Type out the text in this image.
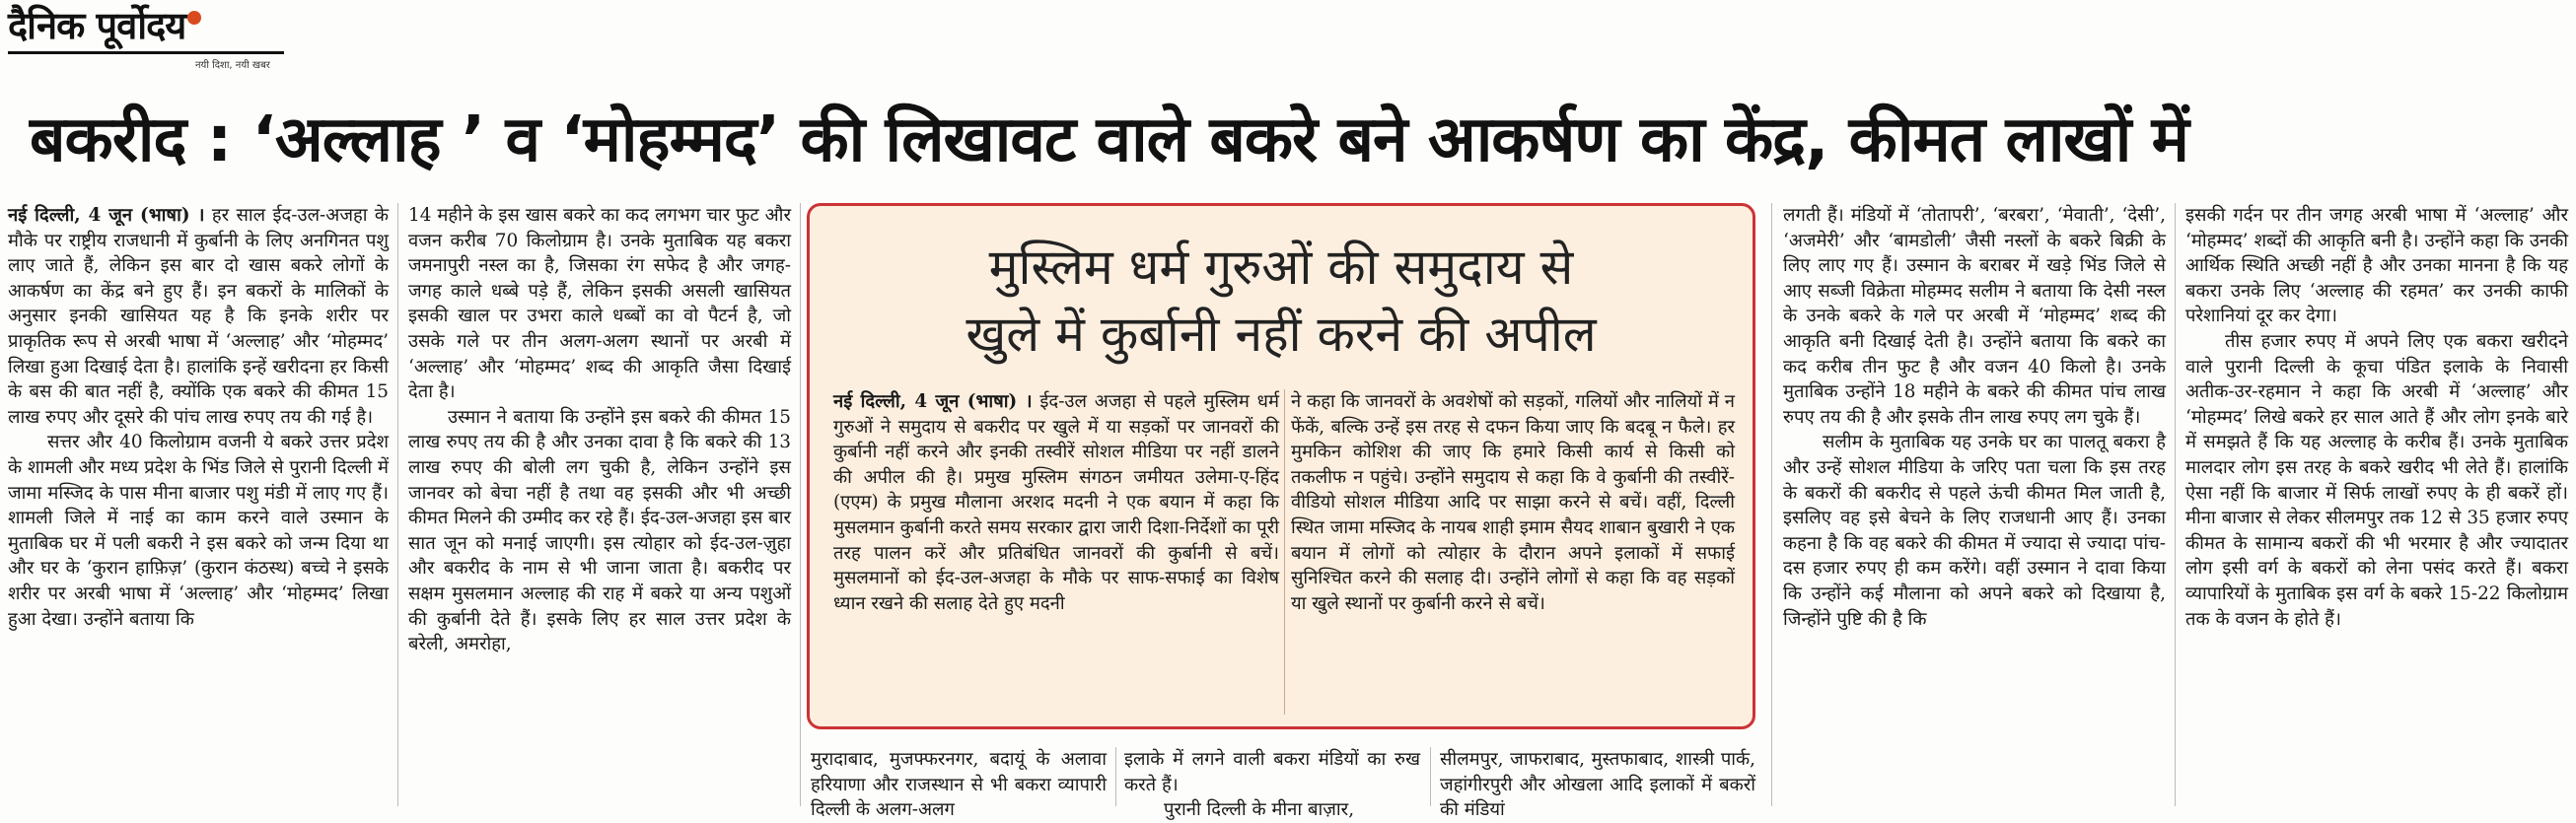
दैनिक पूर्वोदय
नयी दिशा, नयी खबर
बकरीद : ‘अल्लाह ’ व ‘मोहम्मद’ की लिखावट वाले बकरे बने आकर्षण का केंद्र, कीमत लाखों में

नई दिल्ली, 4 जून (भाषा) । हर साल ईद-उल-अजहा के मौके पर राष्ट्रीय राजधानी में कुर्बानी के लिए अनगिनत पशु लाए जाते हैं, लेकिन इस बार दो खास बकरे लोगों के आकर्षण का केंद्र बने हुए हैं। इन बकरों के मालिकों के अनुसार इनकी खासियत यह है कि इनके शरीर पर प्राकृतिक रूप से अरबी भाषा में ‘अल्लाह’ और ‘मोहम्मद’ लिखा हुआ दिखाई देता है। हालांकि इन्हें खरीदना हर किसी के बस की बात नहीं है, क्योंकि एक बकरे की कीमत 15 लाख रुपए और दूसरे की पांच लाख रुपए तय की गई है।

सत्तर और 40 किलोग्राम वजनी ये बकरे उत्तर प्रदेश के शामली और मध्य प्रदेश के भिंड जिले से पुरानी दिल्ली में जामा मस्जिद के पास मीना बाजार पशु मंडी में लाए गए हैं। शामली जिले में नाई का काम करने वाले उस्मान के मुताबिक घर में पली बकरी ने इस बकरे को जन्म दिया था और घर के ‘कुरान हाफ़िज़’ (कुरान कंठस्थ) बच्चे ने इसके शरीर पर अरबी भाषा में ‘अल्लाह’ और ‘मोहम्मद’ लिखा हुआ देखा। उन्होंने बताया कि

14 महीने के इस खास बकरे का कद लगभग चार फुट और वजन करीब 70 किलोग्राम है। उनके मुताबिक यह बकरा जमनापुरी नस्ल का है, जिसका रंग सफेद है और जगह-जगह काले धब्बे पड़े हैं, लेकिन इसकी असली खासियत इसकी खाल पर उभरा काले धब्बों का वो पैटर्न है, जो उसके गले पर तीन अलग-अलग स्थानों पर अरबी में ‘अल्लाह’ और ‘मोहम्मद’ शब्द की आकृति जैसा दिखाई देता है।

उस्मान ने बताया कि उन्होंने इस बकरे की कीमत 15 लाख रुपए तय की है और उनका दावा है कि बकरे की 13 लाख रुपए की बोली लग चुकी है, लेकिन उन्होंने इस जानवर को बेचा नहीं है तथा वह इसकी और भी अच्छी कीमत मिलने की उम्मीद कर रहे हैं। ईद-उल-अजहा इस बार सात जून को मनाई जाएगी। इस त्योहार को ईद-उल-ज़ुहा और बकरीद के नाम से भी जाना जाता है। बकरीद पर सक्षम मुसलमान अल्लाह की राह में बकरे या अन्य पशुओं की कुर्बानी देते हैं। इसके लिए हर साल उत्तर प्रदेश के बरेली, अमरोहा,

मुस्लिम धर्म गुरुओं की समुदाय से
खुले में कुर्बानी नहीं करने की अपील
नई दिल्ली, 4 जून (भाषा) । ईद-उल अजहा से पहले मुस्लिम धर्म गुरुओं ने समुदाय से बकरीद पर खुले में या सड़कों पर जानवरों की कुर्बानी नहीं करने और इनकी तस्वीरें सोशल मीडिया पर नहीं डालने की अपील की है। प्रमुख मुस्लिम संगठन जमीयत उलेमा-ए-हिंद (एएम) के प्रमुख मौलाना अरशद मदनी ने एक बयान में कहा कि मुसलमान कुर्बानी करते समय सरकार द्वारा जारी दिशा-निर्देशों का पूरी तरह पालन करें और प्रतिबंधित जानवरों की कुर्बानी से बचें। मुसलमानों को ईद-उल-अजहा के मौके पर साफ-सफाई का विशेष ध्यान रखने की सलाह देते हुए मदनी
ने कहा कि जानवरों के अवशेषों को सड़कों, गलियों और नालियों में न फेंकें, बल्कि उन्हें इस तरह से दफन किया जाए कि बदबू न फैले। हर मुमकिन कोशिश की जाए कि हमारे किसी कार्य से किसी को तकलीफ न पहुंचे। उन्होंने समुदाय से कहा कि वे कुर्बानी की तस्वीरें-वीडियो सोशल मीडिया आदि पर साझा करने से बचें। वहीं, दिल्ली स्थित जामा मस्जिद के नायब शाही इमाम सैयद शाबान बुखारी ने एक बयान में लोगों को त्योहार के दौरान अपने इलाकों में सफाई सुनिश्चित करने की सलाह दी। उन्होंने लोगों से कहा कि वह सड़कों या खुले स्थानों पर कुर्बानी करने से बचें।

मुरादाबाद, मुजफ्फरनगर, बदायूं के अलावा हरियाणा और राजस्थान से भी बकरा व्यापारी दिल्ली के अलग-अलग

इलाके में लगने वाली बकरा मंडियों का रुख करते हैं।

पुरानी दिल्ली के मीना बाज़ार,

सीलमपुर, जाफराबाद, मुस्तफाबाद, शास्त्री पार्क, जहांगीरपुरी और ओखला आदि इलाकों में बकरों की मंडियां

लगती हैं। मंडियों में ‘तोतापरी’, ‘बरबरा’, ‘मेवाती’, ‘देसी’, ‘अजमेरी’ और ‘बामडोली’ जैसी नस्लों के बकरे बिक्री के लिए लाए गए हैं। उस्मान के बराबर में खड़े भिंड जिले से आए सब्जी विक्रेता मोहम्मद सलीम ने बताया कि देसी नस्ल के उनके बकरे के गले पर अरबी में ‘मोहम्मद’ शब्द की आकृति बनी दिखाई देती है। उन्होंने बताया कि बकरे का कद करीब तीन फुट है और वजन 40 किलो है। उनके मुताबिक उन्होंने 18 महीने के बकरे की कीमत पांच लाख रुपए तय की है और इसके तीन लाख रुपए लग चुके हैं।

सलीम के मुताबिक यह उनके घर का पालतू बकरा है और उन्हें सोशल मीडिया के जरिए पता चला कि इस तरह के बकरों की बकरीद से पहले ऊंची कीमत मिल जाती है, इसलिए वह इसे बेचने के लिए राजधानी आए हैं। उनका कहना है कि वह बकरे की कीमत में ज्यादा से ज्यादा पांच-दस हजार रुपए ही कम करेंगे। वहीं उस्मान ने दावा किया कि उन्होंने कई मौलाना को अपने बकरे को दिखाया है, जिन्होंने पुष्टि की है कि

इसकी गर्दन पर तीन जगह अरबी भाषा में ‘अल्लाह’ और ‘मोहम्मद’ शब्दों की आकृति बनी है। उन्होंने कहा कि उनकी आर्थिक स्थिति अच्छी नहीं है और उनका मानना है कि यह बकरा उनके लिए ‘अल्लाह की रहमत’ कर उनकी काफी परेशानियां दूर कर देगा।

तीस हजार रुपए में अपने लिए एक बकरा खरीदने वाले पुरानी दिल्ली के कूचा पंडित इलाके के निवासी अतीक-उर-रहमान ने कहा कि अरबी में ‘अल्लाह’ और ‘मोहम्मद’ लिखे बकरे हर साल आते हैं और लोग इनके बारे में समझते हैं कि यह अल्लाह के करीब हैं। उनके मुताबिक मालदार लोग इस तरह के बकरे खरीद भी लेते हैं। हालांकि ऐसा नहीं कि बाजार में सिर्फ लाखों रुपए के ही बकरें हों। मीना बाजार से लेकर सीलमपुर तक 12 से 35 हजार रुपए कीमत के सामान्य बकरों की भी भरमार है और ज्यादातर लोग इसी वर्ग के बकरों को लेना पसंद करते हैं। बकरा व्यापारियों के मुताबिक इस वर्ग के बकरे 15-22 किलोग्राम तक के वजन के होते हैं।
